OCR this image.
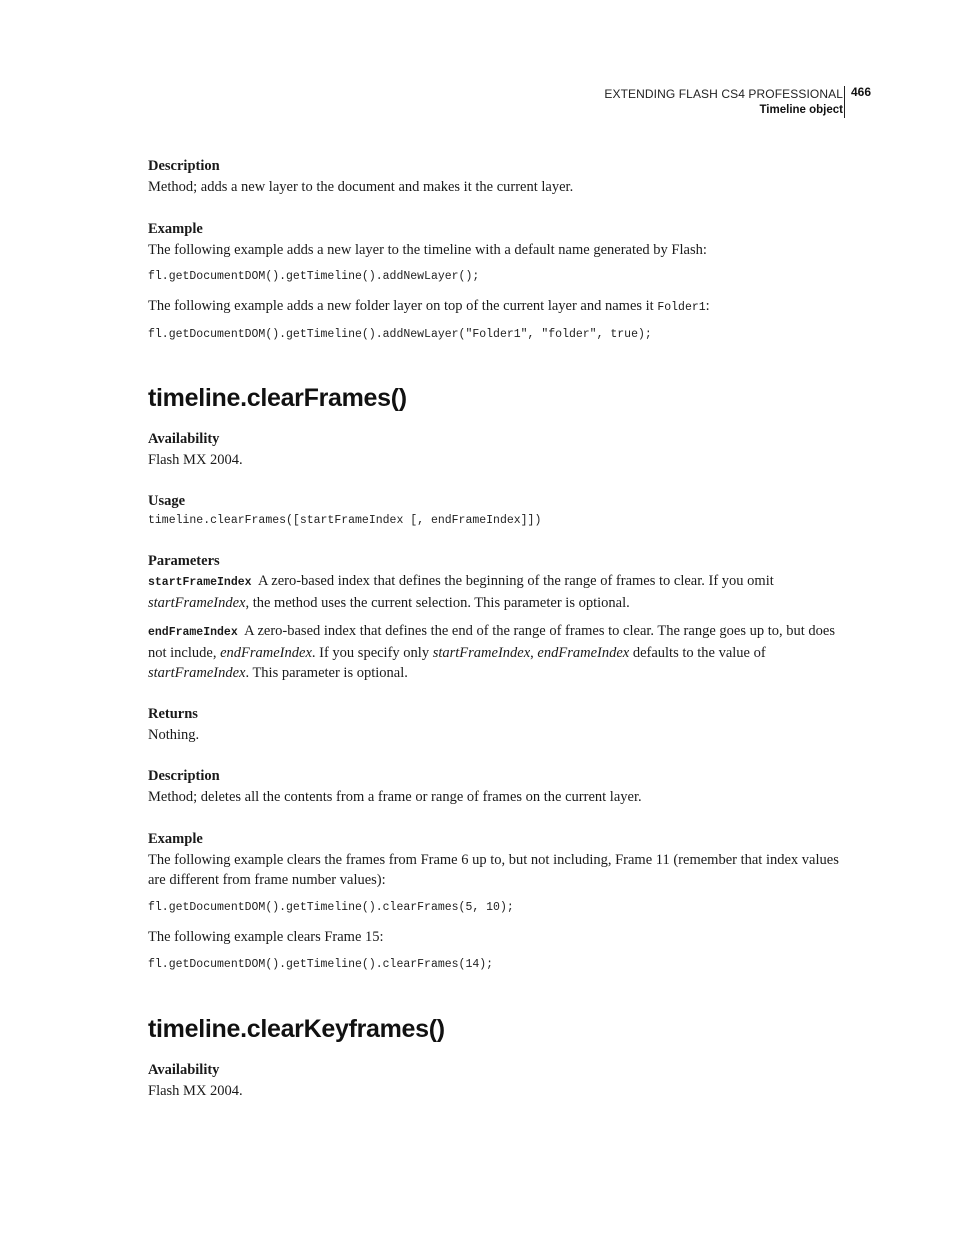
EXTENDING FLASH CS4 PROFESSIONAL
Timeline object
466

Description

Method; adds a new layer to the document and makes it the current layer.

Example

The following example adds a new layer to the timeline with a default name generated by Flash:

fl.getDocumentDOM().getTimeline().addNewLayer();

The following example adds a new folder layer on top of the current layer and names it Folder1:

fl.getDocumentDOM().getTimeline().addNewLayer("Folder1", "folder", true);

timeline.clearFrames()

Availability

Flash MX 2004.

Usage

timeline.clearFrames([startFrameIndex [, endFrameIndex]])

Parameters

startFrameIndex A zero-based index that defines the beginning of the range of frames to clear. If you omit startFrameIndex, the method uses the current selection. This parameter is optional.

endFrameIndex A zero-based index that defines the end of the range of frames to clear. The range goes up to, but does not include, endFrameIndex. If you specify only startFrameIndex, endFrameIndex defaults to the value of startFrameIndex. This parameter is optional.

Returns

Nothing.

Description

Method; deletes all the contents from a frame or range of frames on the current layer.

Example

The following example clears the frames from Frame 6 up to, but not including, Frame 11 (remember that index values are different from frame number values):

fl.getDocumentDOM().getTimeline().clearFrames(5, 10);

The following example clears Frame 15:

fl.getDocumentDOM().getTimeline().clearFrames(14);

timeline.clearKeyframes()

Availability

Flash MX 2004.
